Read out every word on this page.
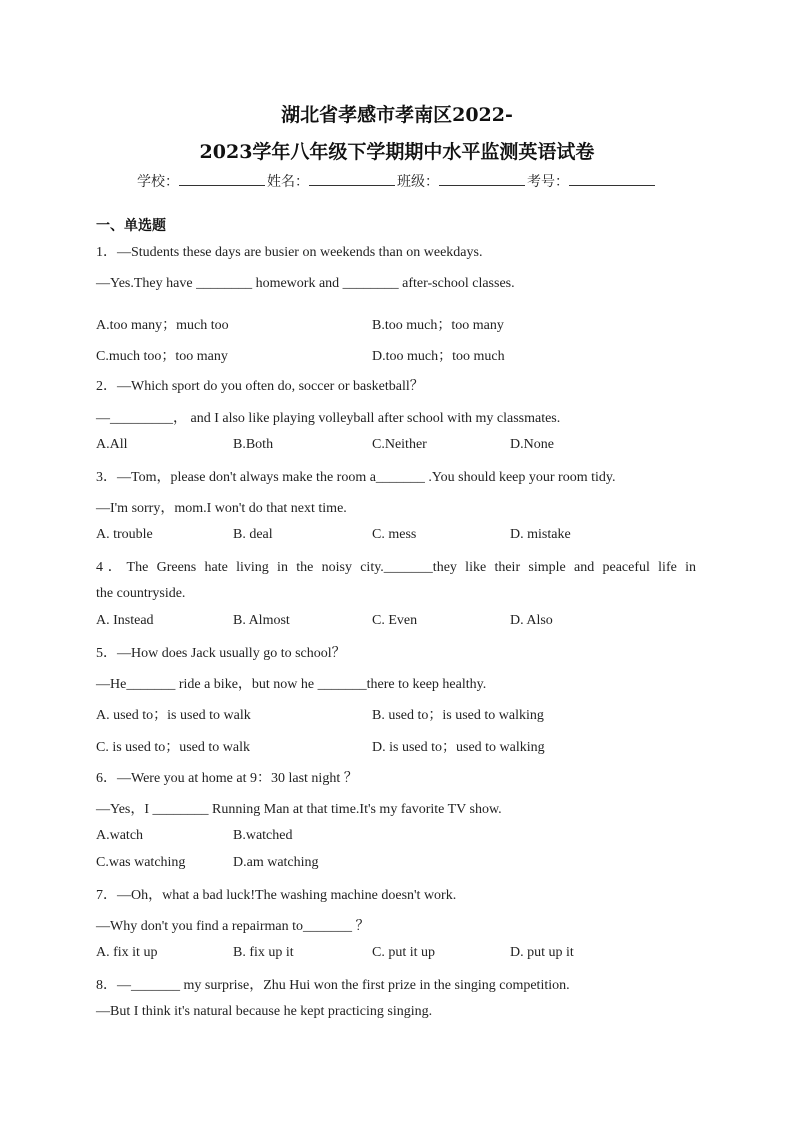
湖北省孝感市孝南区2022-
2023学年八年级下学期期中水平监测英语试卷
学校：	姓名：	班级：	考号：
一、单选题
1．—Students these days are busier on weekends than on weekdays.
—Yes.They have ________ homework and ________ after-school classes.
A.too many；much too	B.too much；too many
C.much too；too many	D.too much；too much
2．—Which sport do you often do, soccer or basketball？
—_________， and I also like playing volleyball after school with my classmates.
A.All	B.Both	C.Neither	D.None
3．—Tom，please don't always make the room a_______ .You should keep your room tidy.
—I'm sorry，mom.I won't do that next time.
A. trouble	B. deal	C. mess	D. mistake
4．The Greens hate living in the noisy city._______they like their simple and peaceful life in
the countryside.
A. Instead	B. Almost	C. Even	D. Also
5．—How does Jack usually go to school？
—He_______ ride a bike，but now he _______there to keep healthy.
A. used to；is used to walk	B. used to；is used to walking
C. is used to；used to walk	D. is used to；used to walking
6．—Were you at home at 9：30 last night ？
—Yes，I ________ Running Man at that time.It's my favorite TV show.
A.watch	B.watched
C.was watching	D.am watching
7．—Oh，what a bad luck!The washing machine doesn't work.
—Why don't you find a repairman to_______ ？
A. fix it up	B. fix up it	C. put it up	D. put up it
8．—_______ my surprise，Zhu Hui won the first prize in the singing competition.
—But I think it's natural because he kept practicing singing.
